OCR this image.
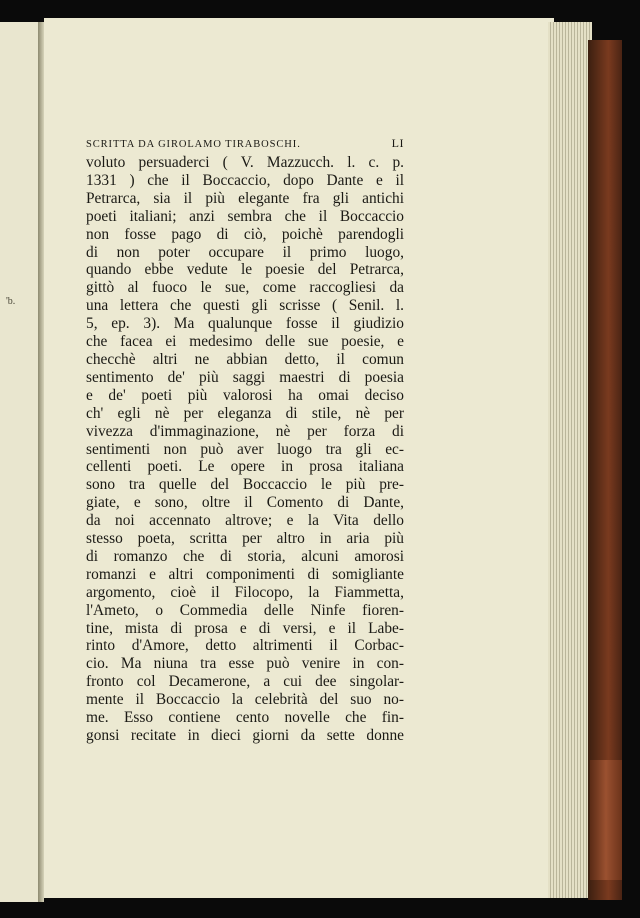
'b.
SCRITTA DA GIROLAMO TIRABOSCHI.	LI
voluto persuaderci ( V. Mazzucch. l. c. p.
1331 ) che il Boccaccio, dopo Dante e il
Petrarca, sia il più elegante fra gli antichi
poeti italiani; anzi sembra che il Boccaccio
non fosse pago di ciò, poichè parendogli
di non poter occupare il primo luogo,
quando ebbe vedute le poesie del Petrarca,
gittò al fuoco le sue, come raccogliesi da
una lettera che questi gli scrisse ( Senil. l.
5, ep. 3). Ma qualunque fosse il giudizio
che facea ei medesimo delle sue poesie, e
checchè altri ne abbian detto, il comun
sentimento de' più saggi maestri di poesia
e de' poeti più valorosi ha omai deciso
ch' egli nè per eleganza di stile, nè per
vivezza d'immaginazione, nè per forza di
sentimenti non può aver luogo tra gli ec-
cellenti poeti. Le opere in prosa italiana
sono tra quelle del Boccaccio le più pre-
giate, e sono, oltre il Comento di Dante,
da noi accennato altrove; e la Vita dello
stesso poeta, scritta per altro in aria più
di romanzo che di storia, alcuni amorosi
romanzi e altri componimenti di somigliante
argomento, cioè il Filocopo, la Fiammetta,
l'Ameto, o Commedia delle Ninfe fioren-
tine, mista di prosa e di versi, e il Labe-
rinto d'Amore, detto altrimenti il Corbac-
cio. Ma niuna tra esse può venire in con-
fronto col Decamerone, a cui dee singolar-
mente il Boccaccio la celebrità del suo no-
me. Esso contiene cento novelle che fin-
gonsi recitate in dieci giorni da sette donne
